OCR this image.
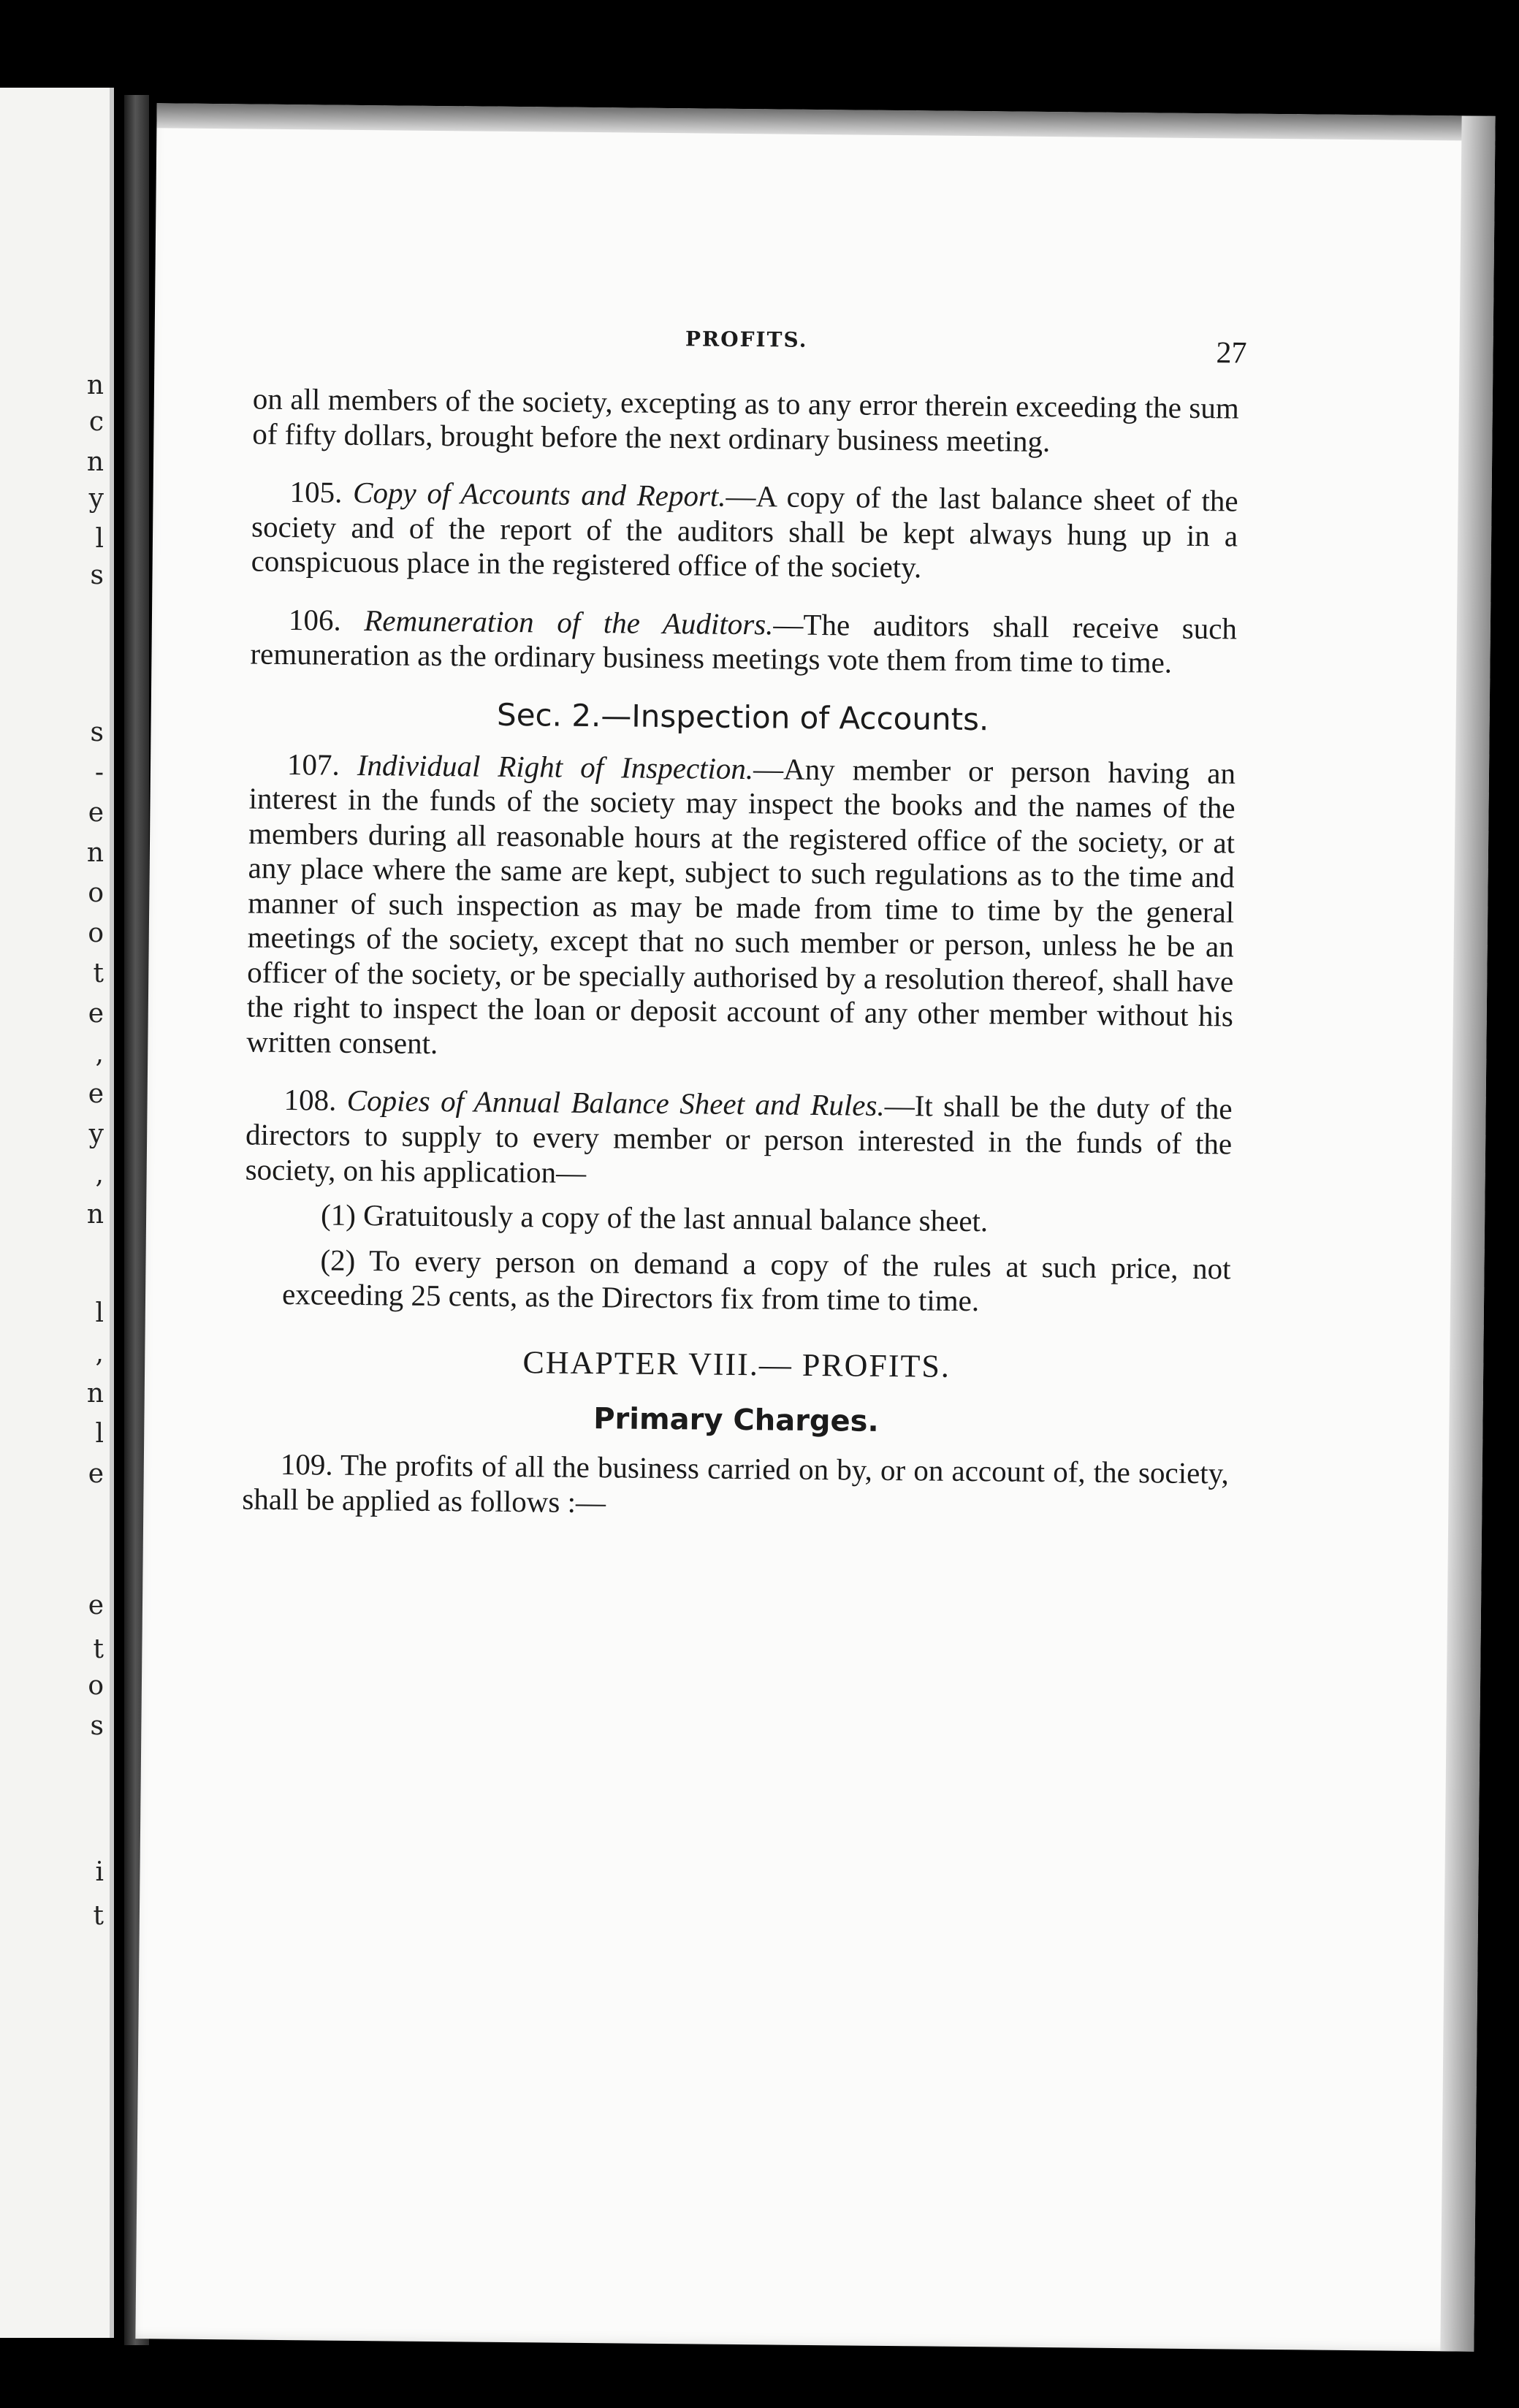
n
c
n
y
l
s
s
-
e
n
o
o
t
e
,
e
y
,
n
l
,
n
l
e
e
t
o
s
i
t
PROFITS.	27

on all members of the society, excepting as to any error therein exceeding the sum of fifty dollars, brought before the next ordinary business meeting.

105. Copy of Accounts and Report.—A copy of the last balance sheet of the society and of the report of the auditors shall be kept always hung up in a conspicuous place in the registered office of the society.

106. Remuneration of the Auditors.—The auditors shall receive such remuneration as the ordinary business meetings vote them from time to time.

Sec. 2.—Inspection of Accounts.

107. Individual Right of Inspection.—Any member or person having an interest in the funds of the society may inspect the books and the names of the members during all reasonable hours at the registered office of the society, or at any place where the same are kept, subject to such regulations as to the time and manner of such inspection as may be made from time to time by the general meetings of the society, except that no such member or person, unless he be an officer of the society, or be specially authorised by a resolution thereof, shall have the right to inspect the loan or deposit account of any other member without his written consent.

108. Copies of Annual Balance Sheet and Rules.—It shall be the duty of the directors to supply to every member or person interested in the funds of the society, on his application—

(1) Gratuitously a copy of the last annual balance sheet.
(2) To every person on demand a copy of the rules at such price, not exceeding 25 cents, as the Directors fix from time to time.
CHAPTER VIII.— PROFITS.
Primary Charges.

109. The profits of all the business carried on by, or on account of, the society, shall be applied as follows :—
